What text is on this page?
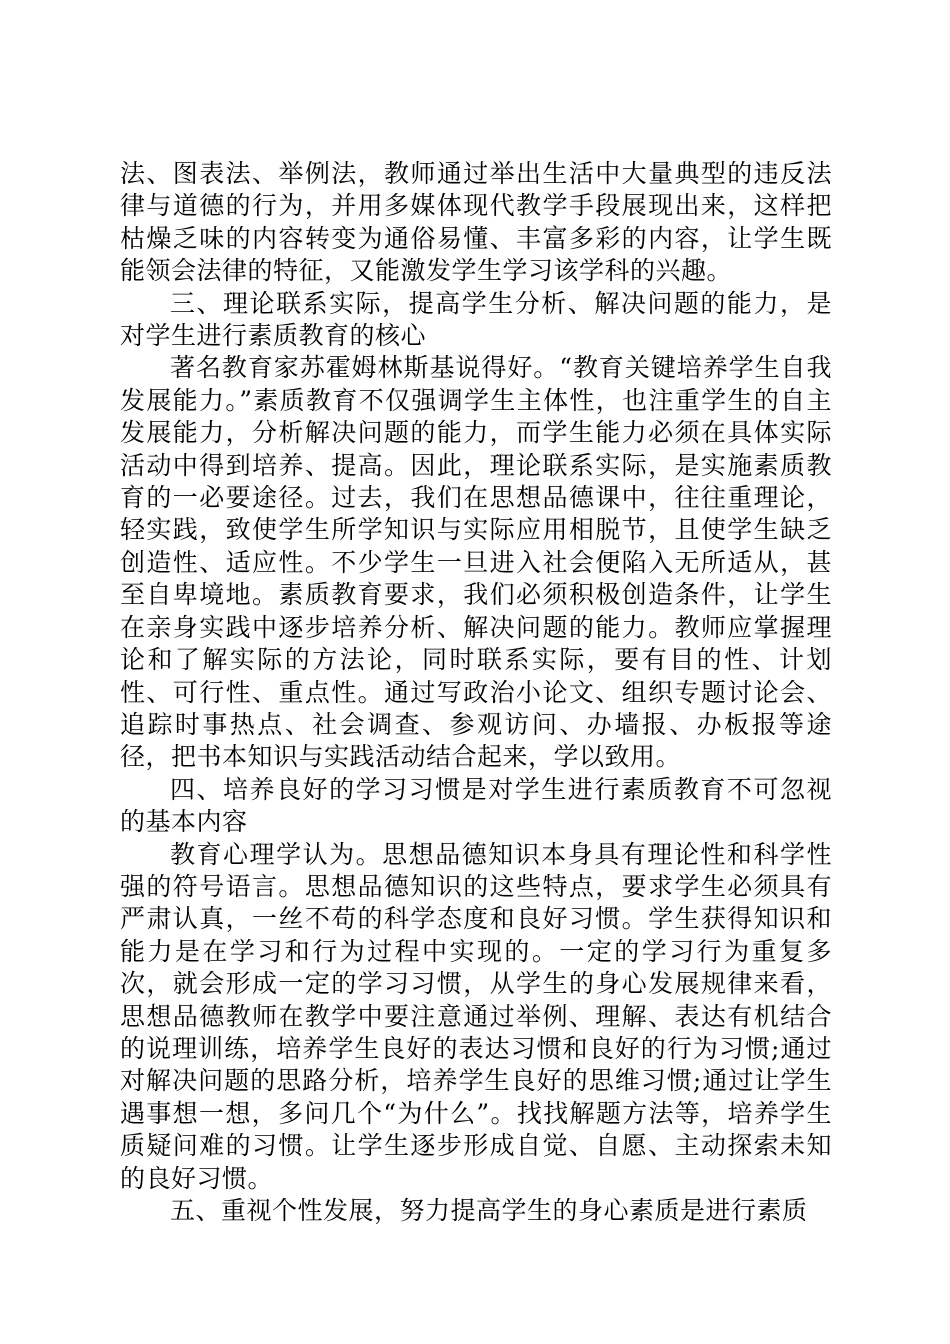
法、图表法、举例法，教师通过举出生活中大量典型的违反法律与道德的行为，并用多媒体现代教学手段展现出来，这样把枯燥乏味的内容转变为通俗易懂、丰富多彩的内容，让学生既能领会法律的特征，又能激发学生学习该学科的兴趣。

三、理论联系实际，提高学生分析、解决问题的能力，是对学生进行素质教育的核心

著名教育家苏霍姆林斯基说得好。“教育关键培养学生自我发展能力。”素质教育不仅强调学生主体性，也注重学生的自主发展能力，分析解决问题的能力，而学生能力必须在具体实际活动中得到培养、提高。因此，理论联系实际，是实施素质教育的一必要途径。过去，我们在思想品德课中，往往重理论，轻实践，致使学生所学知识与实际应用相脱节，且使学生缺乏创造性、适应性。不少学生一旦进入社会便陷入无所适从，甚至自卑境地。素质教育要求，我们必须积极创造条件，让学生在亲身实践中逐步培养分析、解决问题的能力。教师应掌握理论和了解实际的方法论，同时联系实际，要有目的性、计划性、可行性、重点性。通过写政治小论文、组织专题讨论会、追踪时事热点、社会调查、参观访问、办墙报、办板报等途径，把书本知识与实践活动结合起来，学以致用。

四、培养良好的学习习惯是对学生进行素质教育不可忽视的基本内容

教育心理学认为。思想品德知识本身具有理论性和科学性强的符号语言。思想品德知识的这些特点，要求学生必须具有严肃认真，一丝不苟的科学态度和良好习惯。学生获得知识和能力是在学习和行为过程中实现的。一定的学习行为重复多次，就会形成一定的学习习惯，从学生的身心发展规律来看，思想品德教师在教学中要注意通过举例、理解、表达有机结合的说理训练，培养学生良好的表达习惯和良好的行为习惯;通过对解决问题的思路分析，培养学生良好的思维习惯;通过让学生遇事想一想，多问几个“为什么”。找找解题方法等，培养学生质疑问难的习惯。让学生逐步形成自觉、自愿、主动探索未知的良好习惯。

五、重视个性发展，努力提高学生的身心素质是进行素质
